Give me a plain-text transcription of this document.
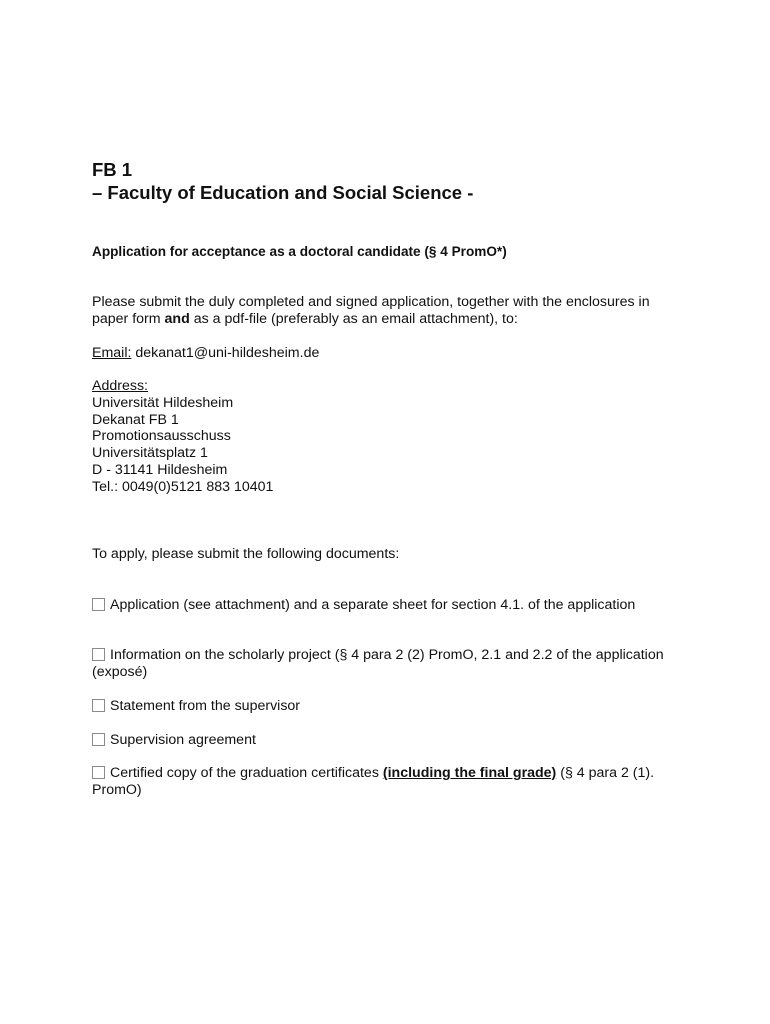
FB 1
– Faculty of Education and Social Science -
Application for acceptance as a doctoral candidate (§ 4 PromO*)
Please submit the duly completed and signed application, together with the enclosures in paper form and as a pdf-file (preferably as an email attachment), to:
Email: dekanat1@uni-hildesheim.de
Address:
Universität Hildesheim
Dekanat FB 1
Promotionsausschuss
Universitätsplatz 1
D - 31141 Hildesheim
Tel.: 0049(0)5121 883 10401
To apply, please submit the following documents:
Application (see attachment) and a separate sheet for section 4.1. of the application
Information on the scholarly project (§ 4 para 2 (2) PromO, 2.1 and 2.2 of the application (exposé)
Statement from the supervisor
Supervision agreement
Certified copy of the graduation certificates (including the final grade) (§ 4 para 2 (1). PromO)
